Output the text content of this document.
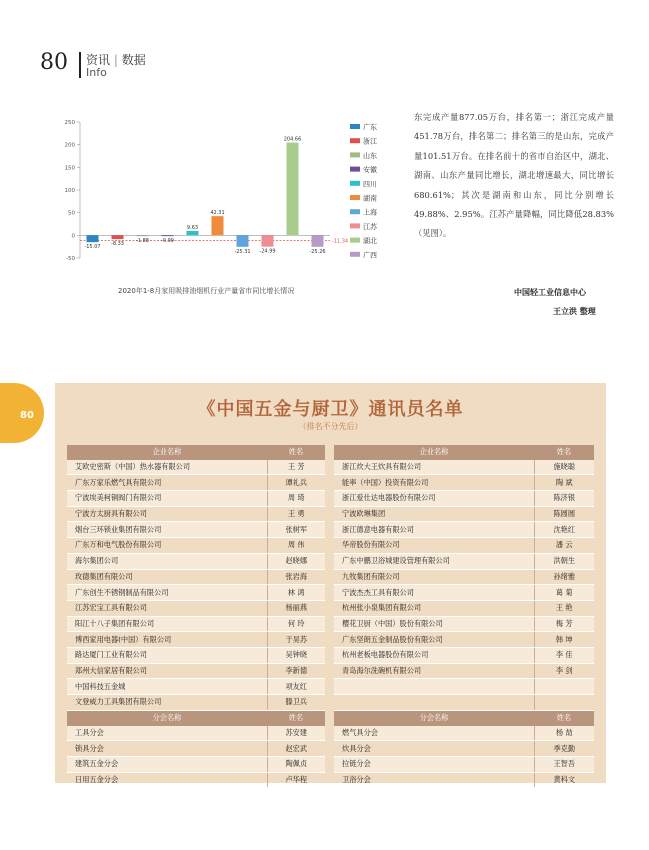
80 资讯 | 数据
Info
-50
0
50
100
150
200
250
-11.34
-15.07
-8.33 -1.88 -0.99
9.63
42.31
-25.31 -24.99
204.66
-25.26
广东
浙江
山东
安徽
四川
湖南
上海
江苏
湖北
广西
2020年1-8月家用吸排油烟机行业产量省市同比增长情况
东完成产量877.05万台，排名第一；浙江完成产量451.78万台，排名第二；排名第三的是山东，完成产量101.51万台。在排名前十的省市自治区中，湖北、湖南、山东产量同比增长，湖北增速最大，同比增长680.61%；其次是湖南和山东，同比分别增长49.88%、2.95%。江苏产量降幅，同比降低28.83%（见图）。
中国轻工业信息中心
王立洪 整理
80	《中国五金与厨卫》通讯员名单
（排名不分先后）
企业名称	姓名		企业名称	姓名
艾欧史密斯（中国）热水器有限公司	王 芳		浙江炊大王炊具有限公司	施晓聪
广东万家乐燃气具有限公司	谭礼兵		能率（中国）投资有限公司	陶 斌
宁波埃美柯铜阀门有限公司	周 琦		浙江爱仕达电器股份有限公司	陈济银
宁波方太厨具有限公司	王 勇		宁波欧琳集团	陈圆圆
烟台三环锁业集团有限公司	张树军		浙江德意电器有限公司	沈艳红
广东万和电气股份有限公司	周 伟		华帝股份有限公司	潘 云
海尔集团公司	赵晓娜		广东中鹏卫浴城建设管理有限公司	洪朝生
玫德集团有限公司	张岩海		九牧集团有限公司	孙绪雅
广东创生不锈钢制品有限公司	林 鸿		宁波杰杰工具有限公司	葛 菊
江苏宏宝工具有限公司	杨丽燕		杭州张小泉集团有限公司	王 艳
阳江十八子集团有限公司	何 玲		樱花卫厨（中国）股份有限公司	梅 芳
博西家用电器(中国）有限公司	于昊苏		广东坚朗五金制品股份有限公司	韩 坤
路达厦门工业有限公司	吴钟晓		杭州老板电器股份有限公司	李 佳
郑州大信家居有限公司	李新德		青岛海尔洗碗机有限公司	李 剑
中国科技五金城	项友红			
文登威力工具集团有限公司	滕卫兵			
分会名称	姓名		分会名称	姓名
工具分会	苏安建		燃气具分会	杨 劼
锁具分会	赵宏武		炊具分会	季克勤
建筑五金分会	陶佩贞		拉链分会	王智吾
日用五金分会	卢华程		卫浴分会	黄科文
